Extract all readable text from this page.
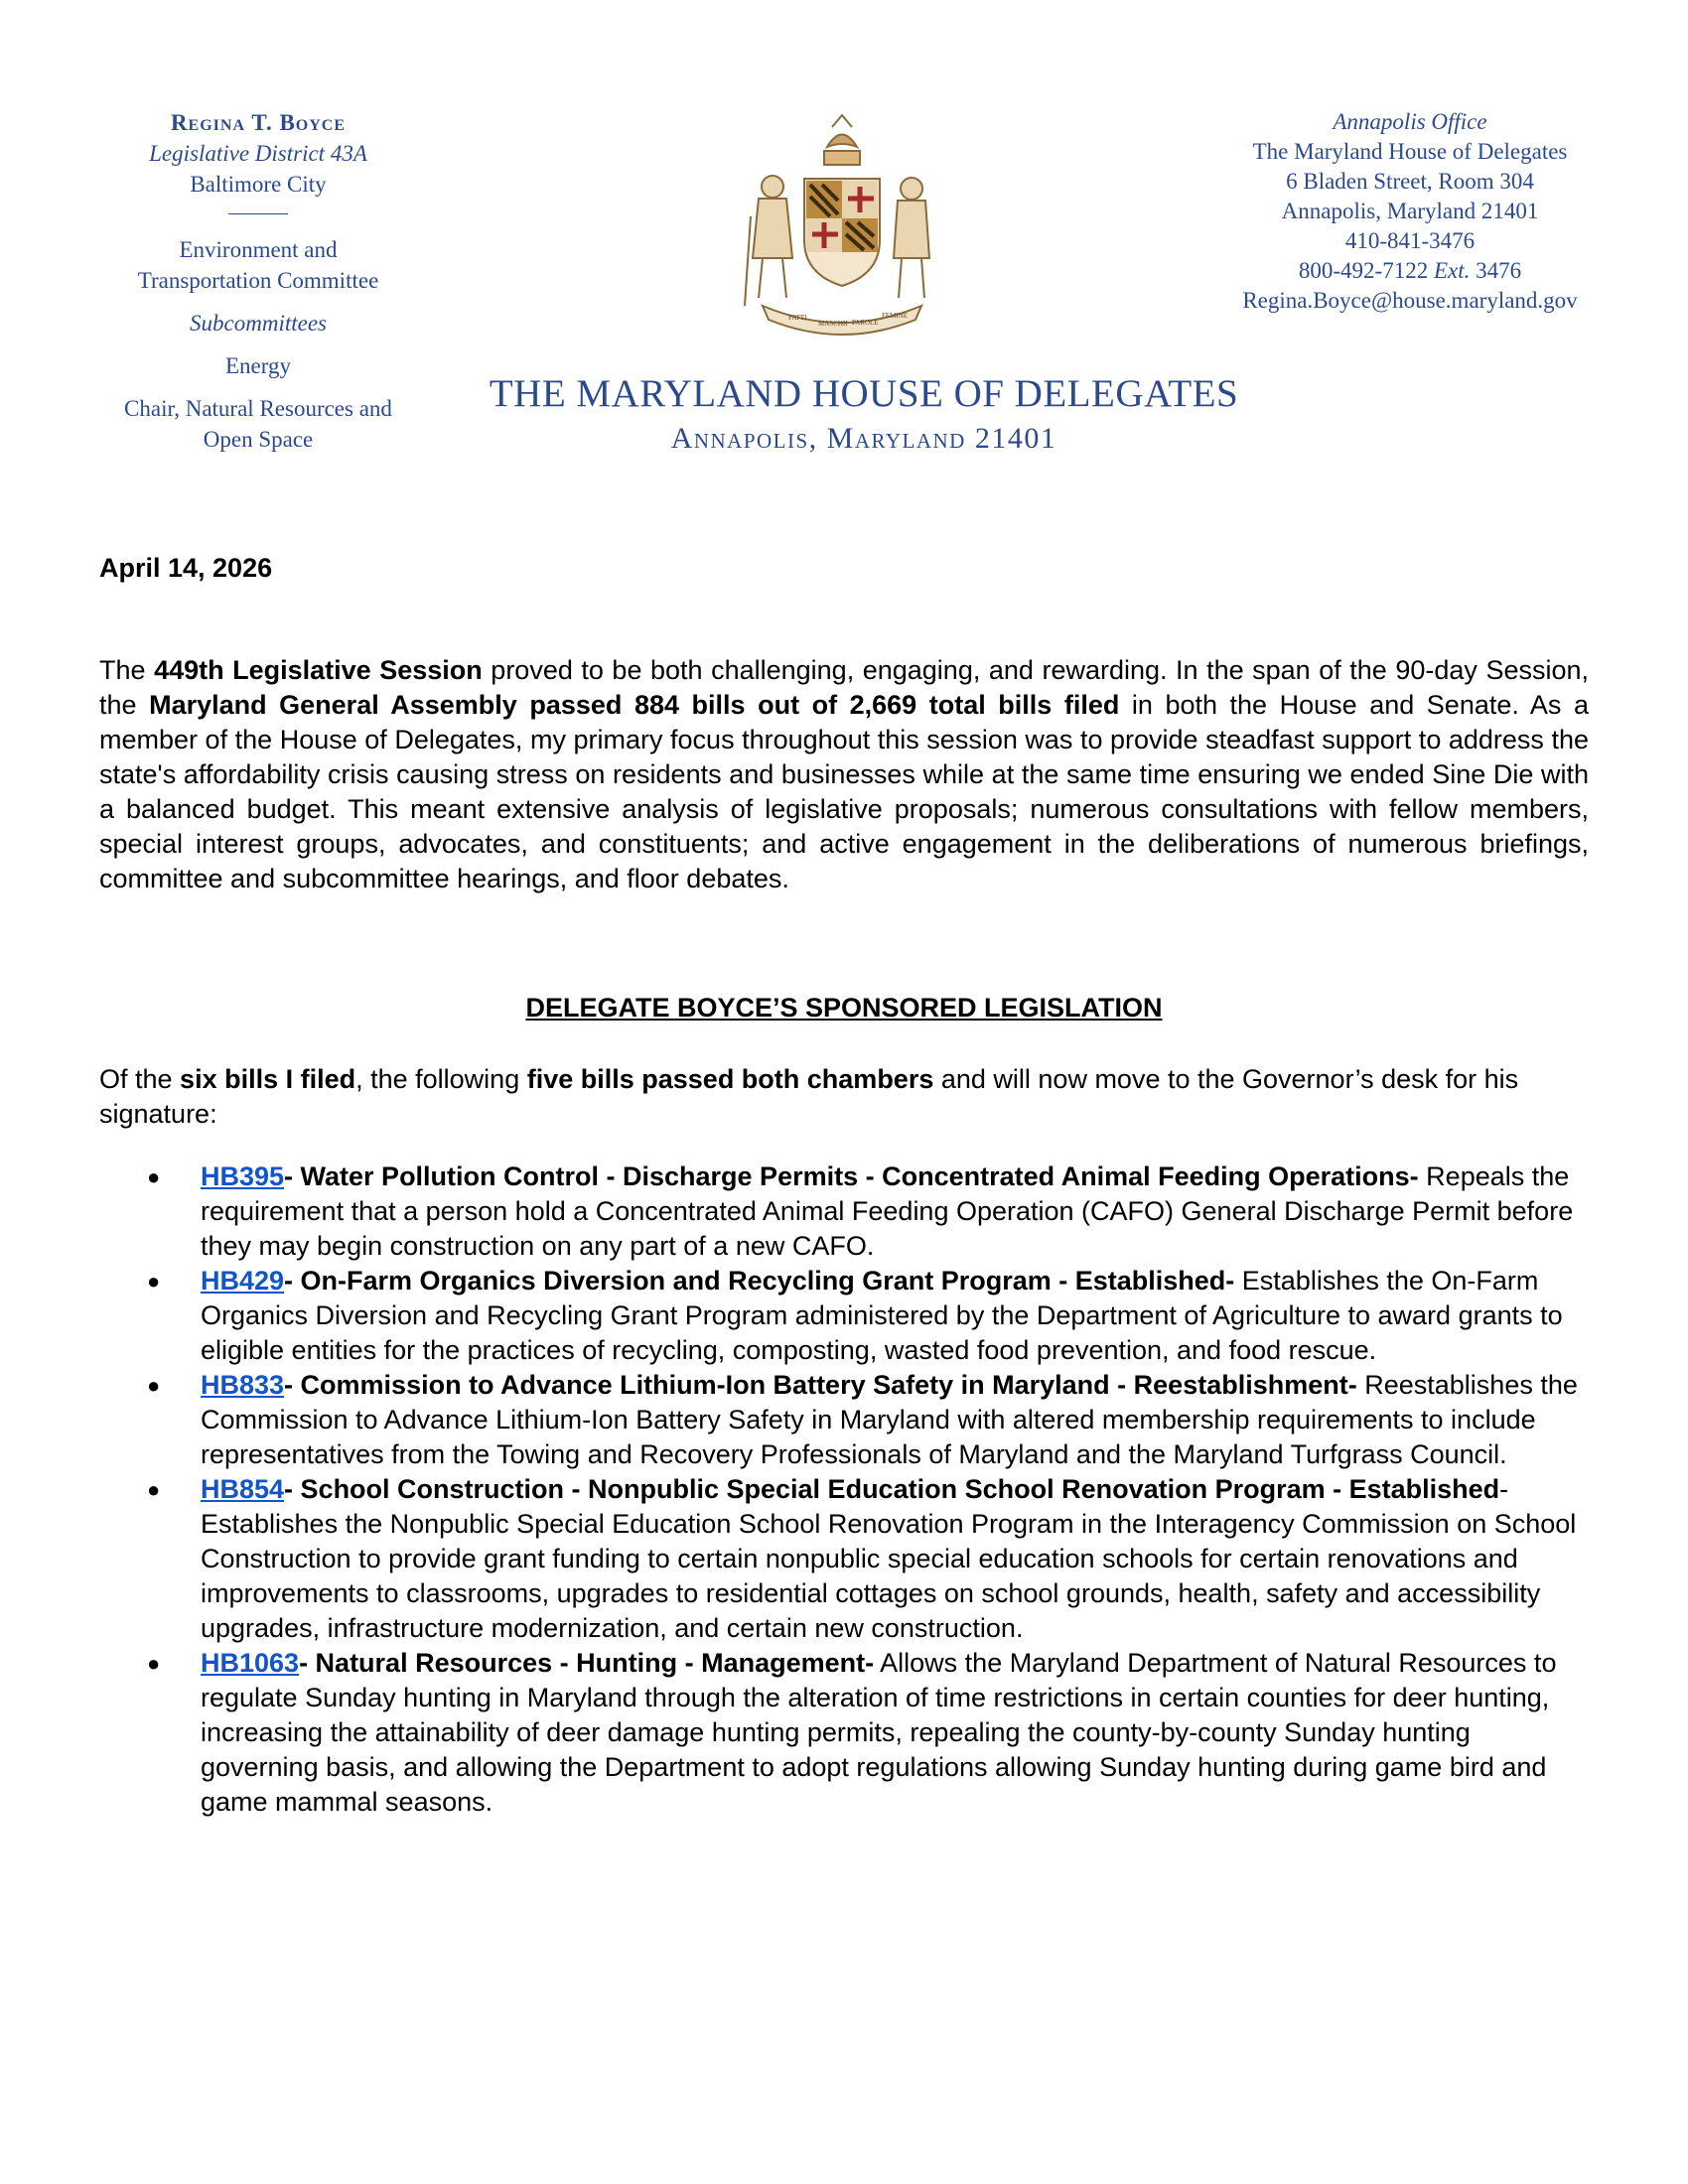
Regina T. Boyce
Legislative District 43A
Baltimore City
Environment and
Transportation Committee
Subcommittees
Energy
Chair, Natural Resources and
Open Space
FATTI
MASCHII PAROLE
FEMINE
Annapolis Office
The Maryland House of Delegates
6 Bladen Street, Room 304
Annapolis, Maryland 21401
410-841-3476
800-492-7122 Ext. 3476
Regina.Boyce@house.maryland.gov
THE MARYLAND HOUSE OF DELEGATES
Annapolis, Maryland 21401
April 14, 2026
The 449th Legislative Session proved to be both challenging, engaging, and rewarding. In the span of the 90-day Session, the Maryland General Assembly passed 884 bills out of 2,669 total bills filed in both the House and Senate. As a member of the House of Delegates, my primary focus throughout this session was to provide steadfast support to address the state's affordability crisis causing stress on residents and businesses while at the same time ensuring we ended Sine Die with a balanced budget. This meant extensive analysis of legislative proposals; numerous consultations with fellow members, special interest groups, advocates, and constituents; and active engagement in the deliberations of numerous briefings, committee and subcommittee hearings, and floor debates.
DELEGATE BOYCE’S SPONSORED LEGISLATION
Of the six bills I filed, the following five bills passed both chambers and will now move to the Governor’s desk for his signature:
● HB395- Water Pollution Control - Discharge Permits - Concentrated Animal Feeding Operations- Repeals the requirement that a person hold a Concentrated Animal Feeding Operation (CAFO) General Discharge Permit before they may begin construction on any part of a new CAFO.
● HB429- On-Farm Organics Diversion and Recycling Grant Program - Established- Establishes the On-Farm Organics Diversion and Recycling Grant Program administered by the Department of Agriculture to award grants to eligible entities for the practices of recycling, composting, wasted food prevention, and food rescue.
● HB833- Commission to Advance Lithium-Ion Battery Safety in Maryland - Reestablishment- Reestablishes the Commission to Advance Lithium-Ion Battery Safety in Maryland with altered membership requirements to include representatives from the Towing and Recovery Professionals of Maryland and the Maryland Turfgrass Council.
● HB854- School Construction - Nonpublic Special Education School Renovation Program - Established- Establishes the Nonpublic Special Education School Renovation Program in the Interagency Commission on School Construction to provide grant funding to certain nonpublic special education schools for certain renovations and improvements to classrooms, upgrades to residential cottages on school grounds, health, safety and accessibility upgrades, infrastructure modernization, and certain new construction.
● HB1063- Natural Resources - Hunting - Management- Allows the Maryland Department of Natural Resources to regulate Sunday hunting in Maryland through the alteration of time restrictions in certain counties for deer hunting, increasing the attainability of deer damage hunting permits, repealing the county-by-county Sunday hunting governing basis, and allowing the Department to adopt regulations allowing Sunday hunting during game bird and game mammal seasons.
